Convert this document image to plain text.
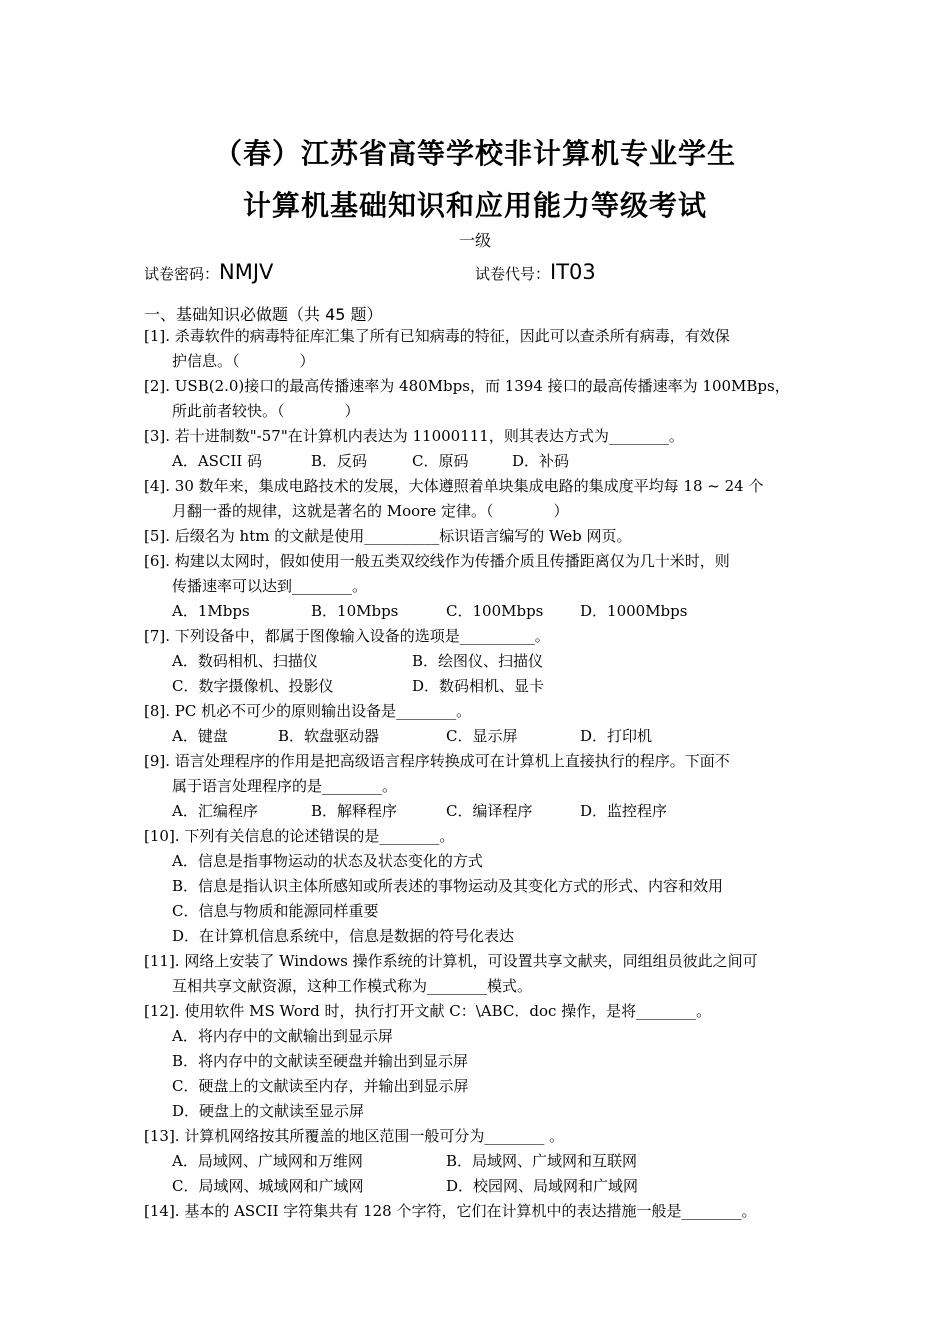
（春）江苏省高等学校非计算机专业学生
计算机基础知识和应用能力等级考试
一级
试卷密码：NMJV	试卷代号：IT03
一、基础知识必做题（共 45 题）
[1]. 杀毒软件的病毒特征库汇集了所有已知病毒的特征，因此可以查杀所有病毒，有效保
护信息。（　　　　）
[2]. USB(2.0)接口的最高传播速率为 480Mbps，而 1394 接口的最高传播速率为 100MBps，
所此前者较快。（　　　　）
[3]. 若十进制数"-57"在计算机内表达为 11000111，则其表达方式为________。
A．ASCII 码	B．反码	C．原码	D．补码
[4]. 30 数年来，集成电路技术的发展，大体遵照着单块集成电路的集成度平均每 18 ~ 24 个
月翻一番的规律，这就是著名的 Moore 定律。（　　　　）
[5]. 后缀名为 htm 的文献是使用__________标识语言编写的 Web 网页。
[6]. 构建以太网时，假如使用一般五类双绞线作为传播介质且传播距离仅为几十米时，则
传播速率可以达到________。
A．1Mbps	B．10Mbps	C．100Mbps D．1000Mbps
[7]. 下列设备中，都属于图像输入设备的选项是__________。
A．数码相机、扫描仪	B．绘图仪、扫描仪
C．数字摄像机、投影仪	D．数码相机、显卡
[8]. PC 机必不可少的原则输出设备是________。
A．键盘	B．软盘驱动器	C．显示屏	D．打印机
[9]. 语言处理程序的作用是把高级语言程序转换成可在计算机上直接执行的程序。下面不
属于语言处理程序的是________。
A．汇编程序	B．解释程序	C．编译程序	D．监控程序
[10]. 下列有关信息的论述错误的是________。
A．信息是指事物运动的状态及状态变化的方式
B．信息是指认识主体所感知或所表述的事物运动及其变化方式的形式、内容和效用
C．信息与物质和能源同样重要
D．在计算机信息系统中，信息是数据的符号化表达
[11]. 网络上安装了 Windows 操作系统的计算机，可设置共享文献夹，同组组员彼此之间可
互相共享文献资源，这种工作模式称为________模式。
[12]. 使用软件 MS Word 时，执行打开文献 C：\ABC．doc 操作，是将________。
A．将内存中的文献输出到显示屏
B．将内存中的文献读至硬盘并输出到显示屏
C．硬盘上的文献读至内存，并输出到显示屏
D．硬盘上的文献读至显示屏
[13]. 计算机网络按其所覆盖的地区范围一般可分为________ 。
A．局域网、广域网和万维网	B．局域网、广域网和互联网
C．局域网、城域网和广域网	D．校园网、局域网和广域网
[14]. 基本的 ASCII 字符集共有 128 个字符，它们在计算机中的表达措施一般是________。
